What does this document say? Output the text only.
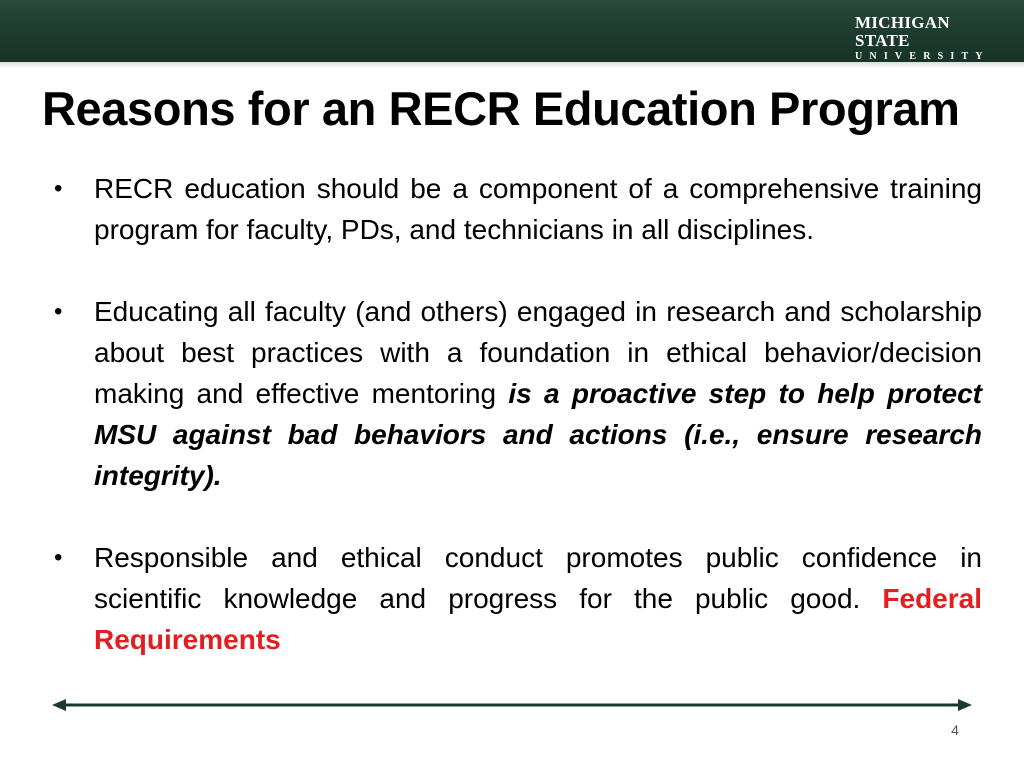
MICHIGAN STATE
UNIVERSITY
Reasons for an RECR Education Program
• RECR education should be a component of a comprehensive training program for faculty, PDs, and technicians in all disciplines.
• Educating all faculty (and others) engaged in research and scholarship about best practices with a foundation in ethical behavior/decision making and effective mentoring is a proactive step to help protect MSU against bad behaviors and actions (i.e., ensure research integrity).
• Responsible and ethical conduct promotes public confidence in scientific knowledge and progress for the public good. Federal Requirements
4
